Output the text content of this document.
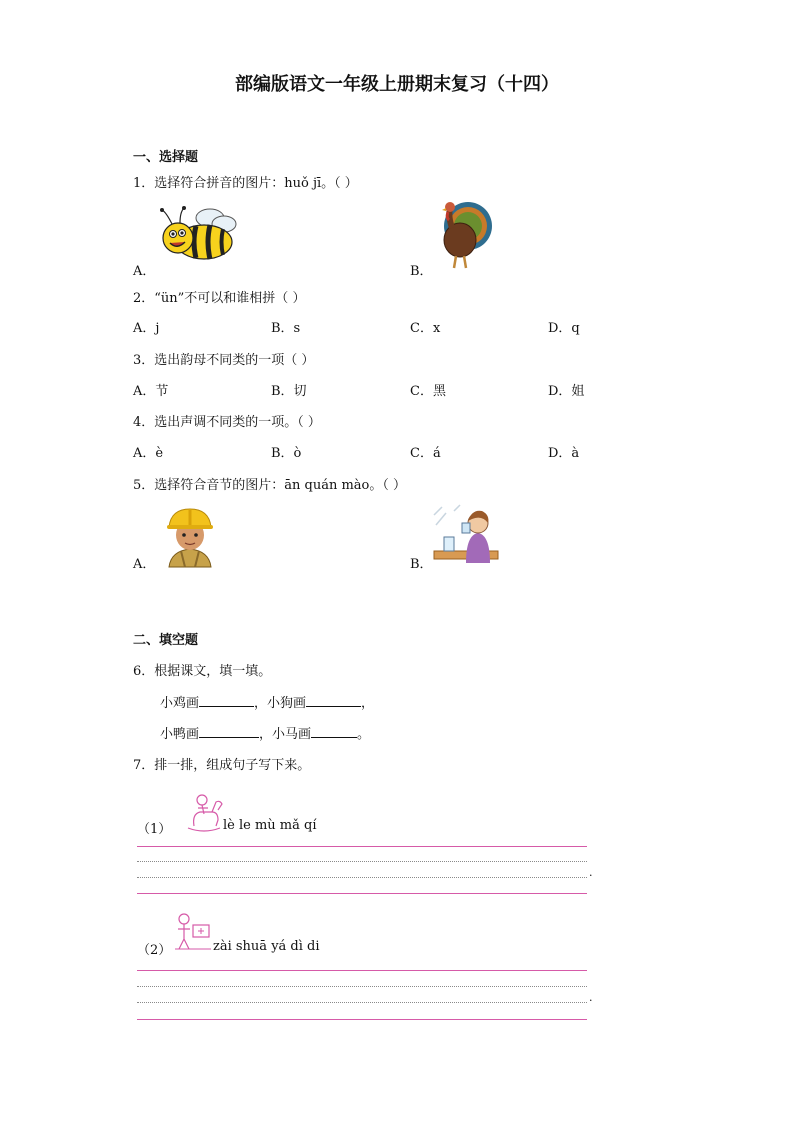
部编版语文一年级上册期末复习（十四）
一、选择题
1．选择符合拼音的图片：huǒ jī。（ ）
A．	B．
2．“ün”不可以和谁相拼（ ）
A．j	B．s	C．x	D．q
3．选出韵母不同类的一项（ ）
A．节	B．切	C．黑	D．姐
4．选出声调不同类的一项。（ ）
A．è	B．ò	C．á	D．à
5．选择符合音节的图片：ān quán mào。（ ）
A．	B．
二、填空题
6．根据课文，填一填。
小鸡画	，小狗画	，
小鸭画	，小马画	。
7．排一排，组成句子写下来。
（1）	lè le mù mǎ qí
.
（2）	zài shuā yá dì di
.
